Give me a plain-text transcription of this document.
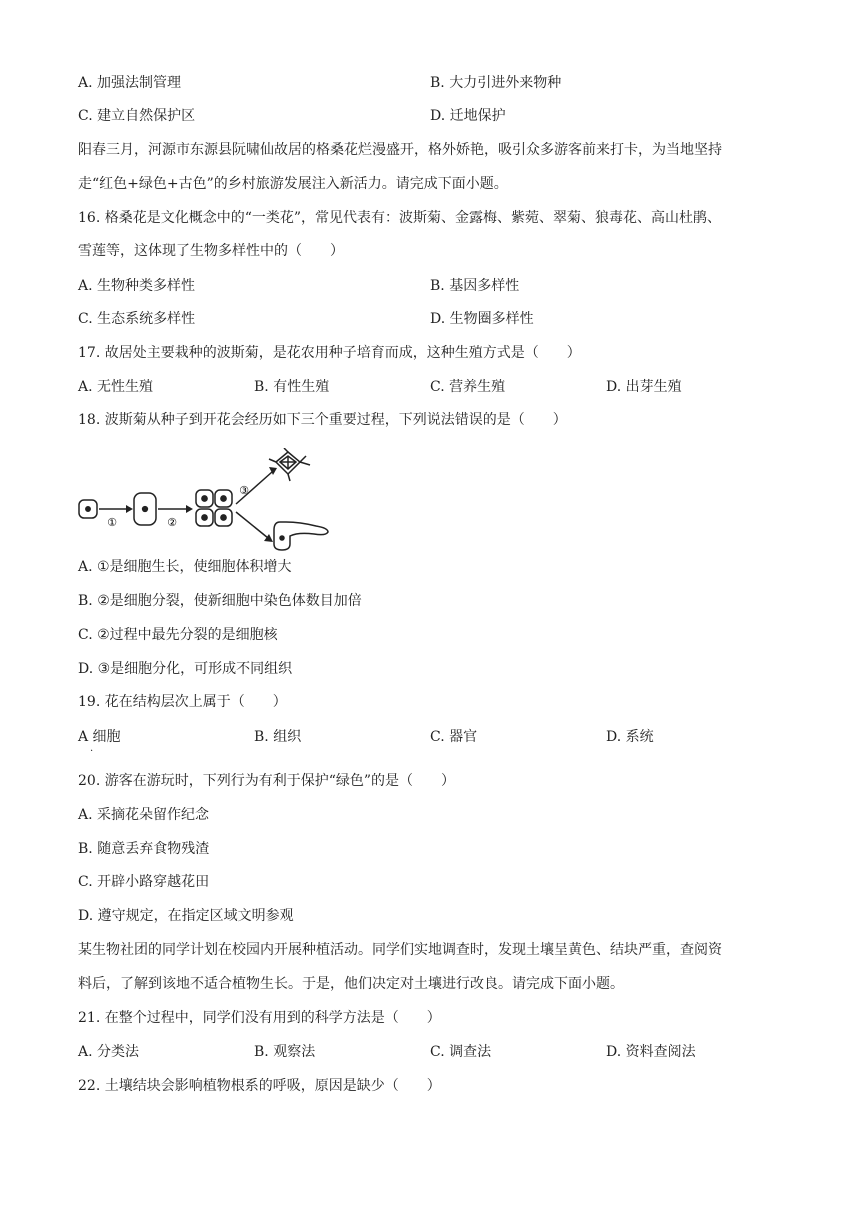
A. 加强法制管理	B. 大力引进外来物种
C. 建立自然保护区	D. 迁地保护
阳春三月，河源市东源县阮啸仙故居的格桑花烂漫盛开，格外娇艳，吸引众多游客前来打卡，为当地坚持
走“红色+绿色+古色”的乡村旅游发展注入新活力。请完成下面小题。
16. 格桑花是文化概念中的“一类花”，常见代表有：波斯菊、金露梅、紫菀、翠菊、狼毒花、高山杜鹃、
雪莲等，这体现了生物多样性中的（　　）
A. 生物种类多样性	B. 基因多样性
C. 生态系统多样性	D. 生物圈多样性
17. 故居处主要栽种的波斯菊，是花农用种子培育而成，这种生殖方式是（　　）
A. 无性生殖	B. 有性生殖	C. 营养生殖	D. 出芽生殖
18. 波斯菊从种子到开花会经历如下三个重要过程，下列说法错误的是（　　）
①	②
③
A. ①是细胞生长，使细胞体积增大
B. ②是细胞分裂，使新细胞中染色体数目加倍
C. ②过程中最先分裂的是细胞核
D. ③是细胞分化，可形成不同组织
19. 花在结构层次上属于（　　）
A 细胞
.
B. 组织	C. 器官	D. 系统
20. 游客在游玩时，下列行为有利于保护“绿色”的是（　　）
A. 采摘花朵留作纪念
B. 随意丢弃食物残渣
C. 开辟小路穿越花田
D. 遵守规定，在指定区域文明参观
某生物社团的同学计划在校园内开展种植活动。同学们实地调查时，发现土壤呈黄色、结块严重，查阅资
料后，了解到该地不适合植物生长。于是，他们决定对土壤进行改良。请完成下面小题。
21. 在整个过程中，同学们没有用到的科学方法是（　　）
A. 分类法	B. 观察法	C. 调查法	D. 资料查阅法
22. 土壤结块会影响植物根系的呼吸，原因是缺少（　　）
